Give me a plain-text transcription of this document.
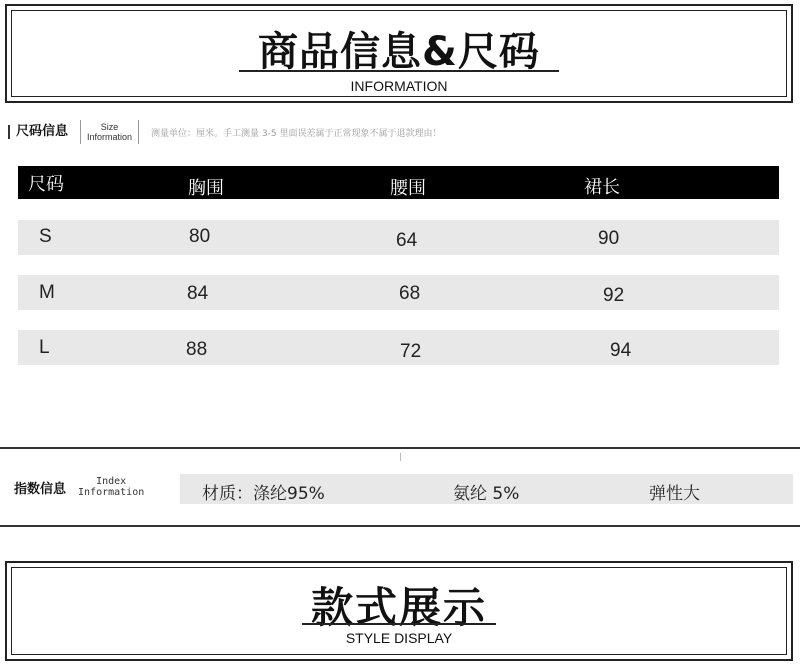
商品信息&尺码
INFORMATION
尺码信息	Size
Information	测量单位：厘米。手工测量 3-5 里面误差属于正常现象不属于退款理由！
尺码	胸围	腰围	裙长
S	80	64	90
M	84	68	92
L	88	72	94
指数信息	Index
Information	材质：涤纶95%	氨纶 5%	弹性大
款式展示
STYLE DISPLAY
